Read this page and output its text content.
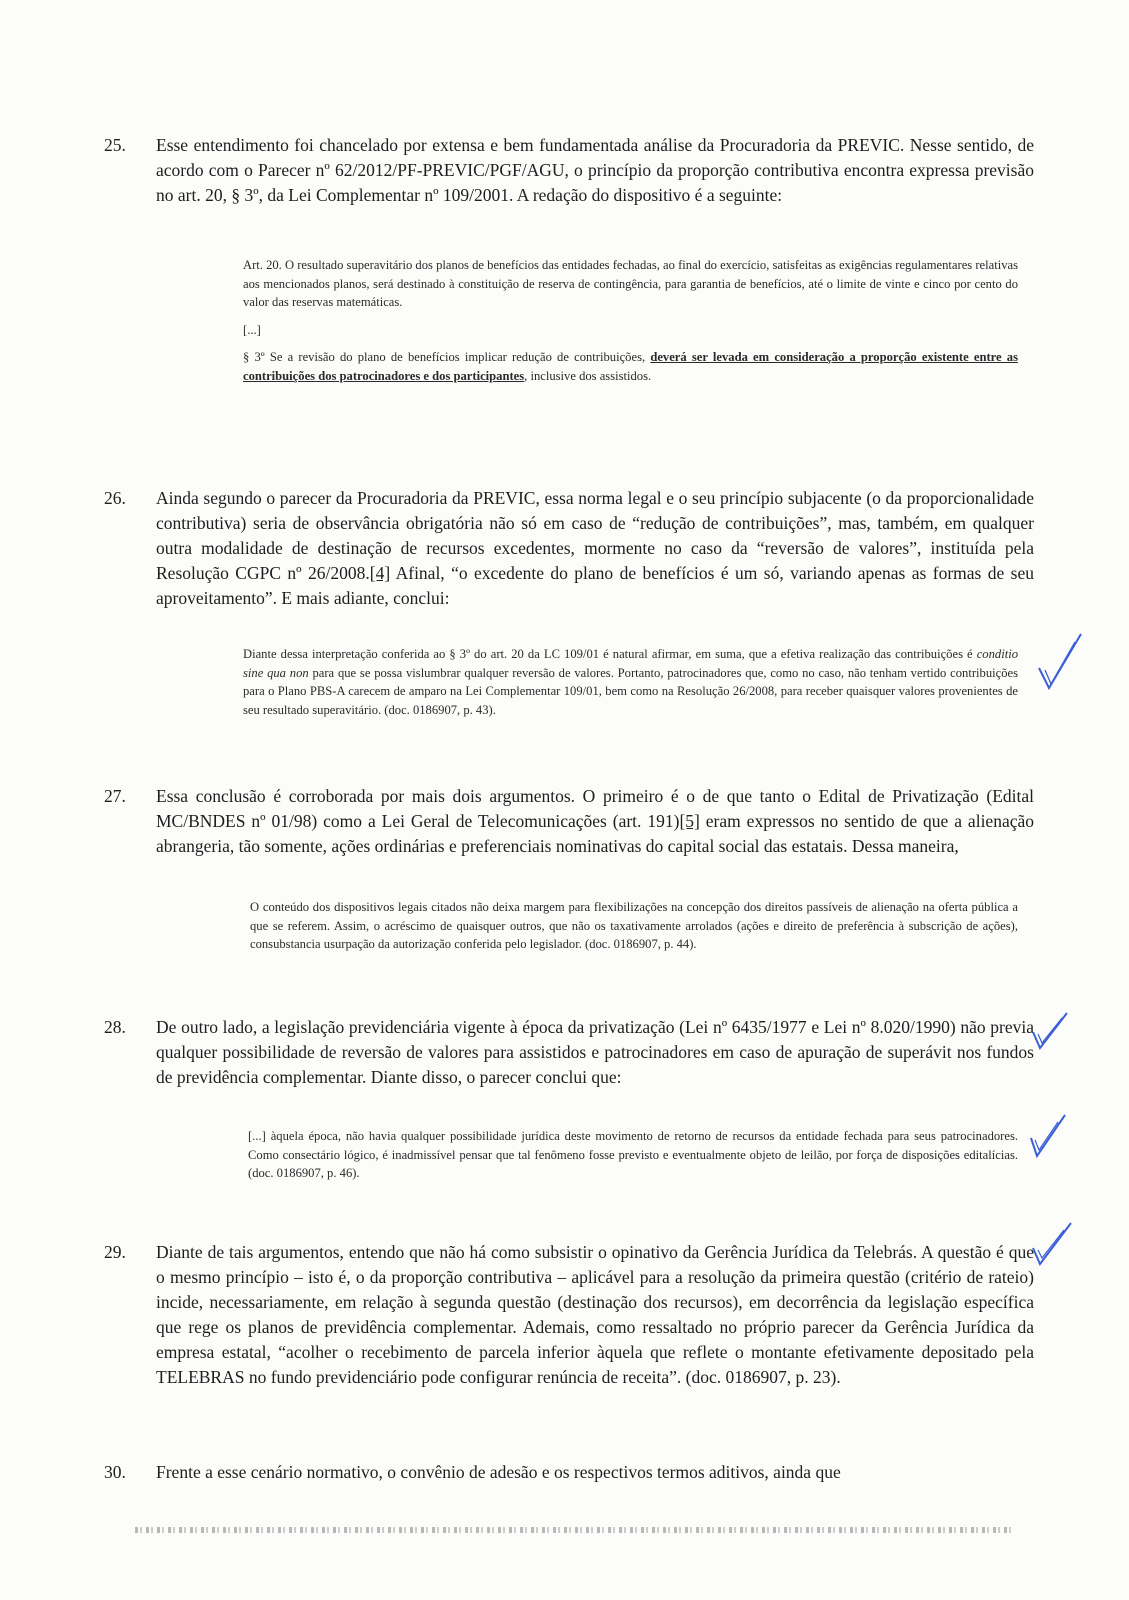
25.	Esse entendimento foi chancelado por extensa e bem fundamentada análise da Procuradoria da PREVIC. Nesse sentido, de acordo com o Parecer nº 62/2012/PF-PREVIC/PGF/AGU, o princípio da proporção contributiva encontra expressa previsão no art. 20, § 3º, da Lei Complementar nº 109/2001. A redação do dispositivo é a seguinte:

Art. 20. O resultado superavitário dos planos de benefícios das entidades fechadas, ao final do exercício, satisfeitas as exigências regulamentares relativas aos mencionados planos, será destinado à constituição de reserva de contingência, para garantia de benefícios, até o limite de vinte e cinco por cento do valor das reservas matemáticas.

[...]

§ 3º Se a revisão do plano de benefícios implicar redução de contribuições, deverá ser levada em consideração a proporção existente entre as contribuições dos patrocinadores e dos participantes, inclusive dos assistidos.

26.	Ainda segundo o parecer da Procuradoria da PREVIC, essa norma legal e o seu princípio subjacente (o da proporcionalidade contributiva) seria de observância obrigatória não só em caso de “redução de contribuições”, mas, também, em qualquer outra modalidade de destinação de recursos excedentes, mormente no caso da “reversão de valores”, instituída pela Resolução CGPC nº 26/2008.[4] Afinal, “o excedente do plano de benefícios é um só, variando apenas as formas de seu aproveitamento”. E mais adiante, conclui:

Diante dessa interpretação conferida ao § 3º do art. 20 da LC 109/01 é natural afirmar, em suma, que a efetiva realização das contribuições é conditio sine qua non para que se possa vislumbrar qualquer reversão de valores. Portanto, patrocinadores que, como no caso, não tenham vertido contribuições para o Plano PBS-A carecem de amparo na Lei Complementar 109/01, bem como na Resolução 26/2008, para receber quaisquer valores provenientes de seu resultado superavitário. (doc. 0186907, p. 43).

27.	Essa conclusão é corroborada por mais dois argumentos. O primeiro é o de que tanto o Edital de Privatização (Edital MC/BNDES nº 01/98) como a Lei Geral de Telecomunicações (art. 191)[5] eram expressos no sentido de que a alienação abrangeria, tão somente, ações ordinárias e preferenciais nominativas do capital social das estatais. Dessa maneira,

O conteúdo dos dispositivos legais citados não deixa margem para flexibilizações na concepção dos direitos passíveis de alienação na oferta pública a que se referem. Assim, o acréscimo de quaisquer outros, que não os taxativamente arrolados (ações e direito de preferência à subscrição de ações), consubstancia usurpação da autorização conferida pelo legislador. (doc. 0186907, p. 44).

28.	De outro lado, a legislação previdenciária vigente à época da privatização (Lei nº 6435/1977 e Lei nº 8.020/1990) não previa qualquer possibilidade de reversão de valores para assistidos e patrocinadores em caso de apuração de superávit nos fundos de previdência complementar. Diante disso, o parecer conclui que:

[...] àquela época, não havia qualquer possibilidade jurídica deste movimento de retorno de recursos da entidade fechada para seus patrocinadores. Como consectário lógico, é inadmissível pensar que tal fenômeno fosse previsto e eventualmente objeto de leilão, por força de disposições editalícias. (doc. 0186907, p. 46).

29.	Diante de tais argumentos, entendo que não há como subsistir o opinativo da Gerência Jurídica da Telebrás. A questão é que o mesmo princípio – isto é, o da proporção contributiva – aplicável para a resolução da primeira questão (critério de rateio) incide, necessariamente, em relação à segunda questão (destinação dos recursos), em decorrência da legislação específica que rege os planos de previdência complementar. Ademais, como ressaltado no próprio parecer da Gerência Jurídica da empresa estatal, “acolher o recebimento de parcela inferior àquela que reflete o montante efetivamente depositado pela TELEBRAS no fundo previdenciário pode configurar renúncia de receita”. (doc. 0186907, p. 23).
30.	Frente a esse cenário normativo, o convênio de adesão e os respectivos termos aditivos, ainda que
